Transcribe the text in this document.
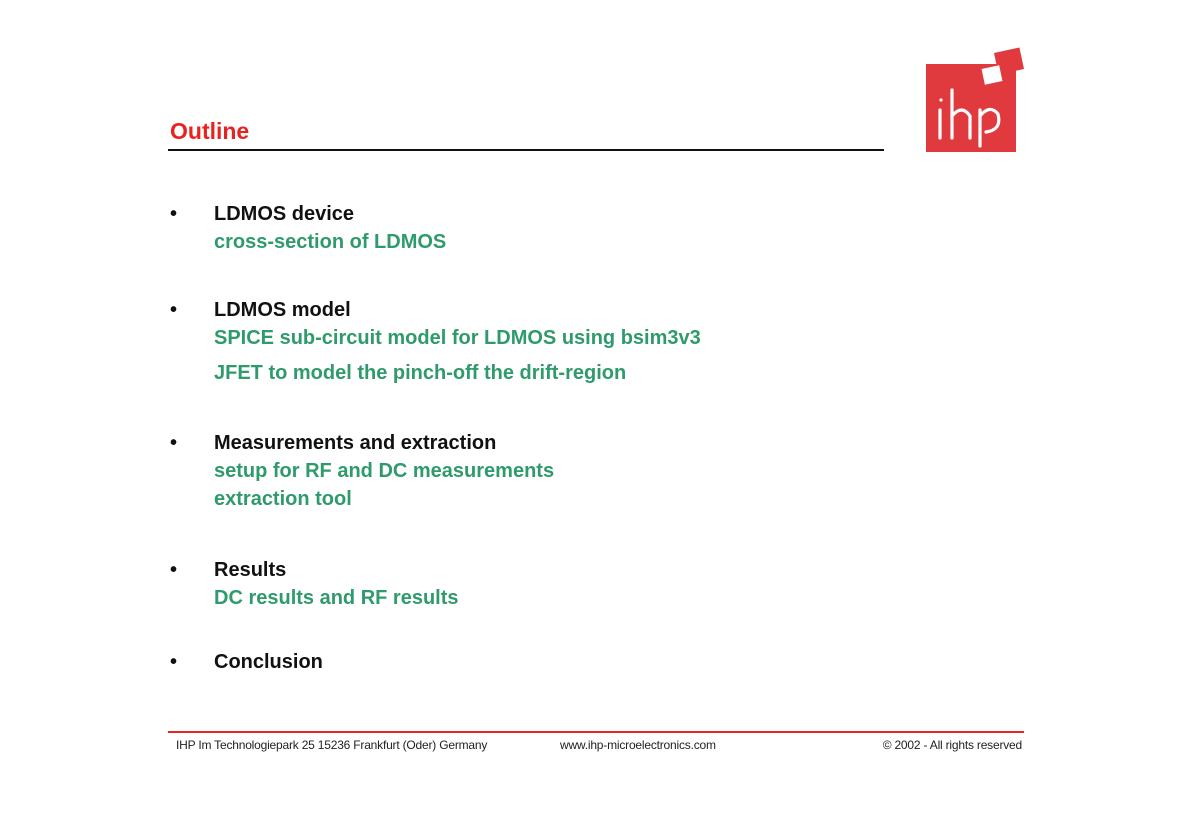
Outline
• LDMOS device
cross-section of LDMOS
• LDMOS model
SPICE sub-circuit model for LDMOS using bsim3v3
JFET to model the pinch-off the drift-region
• Measurements and extraction
setup for RF and DC measurements
extraction tool
• Results
DC results and RF results
• Conclusion
IHP Im Technologiepark 25 15236 Frankfurt (Oder) Germany	www.ihp-microelectronics.com	© 2002 - All rights reserved
